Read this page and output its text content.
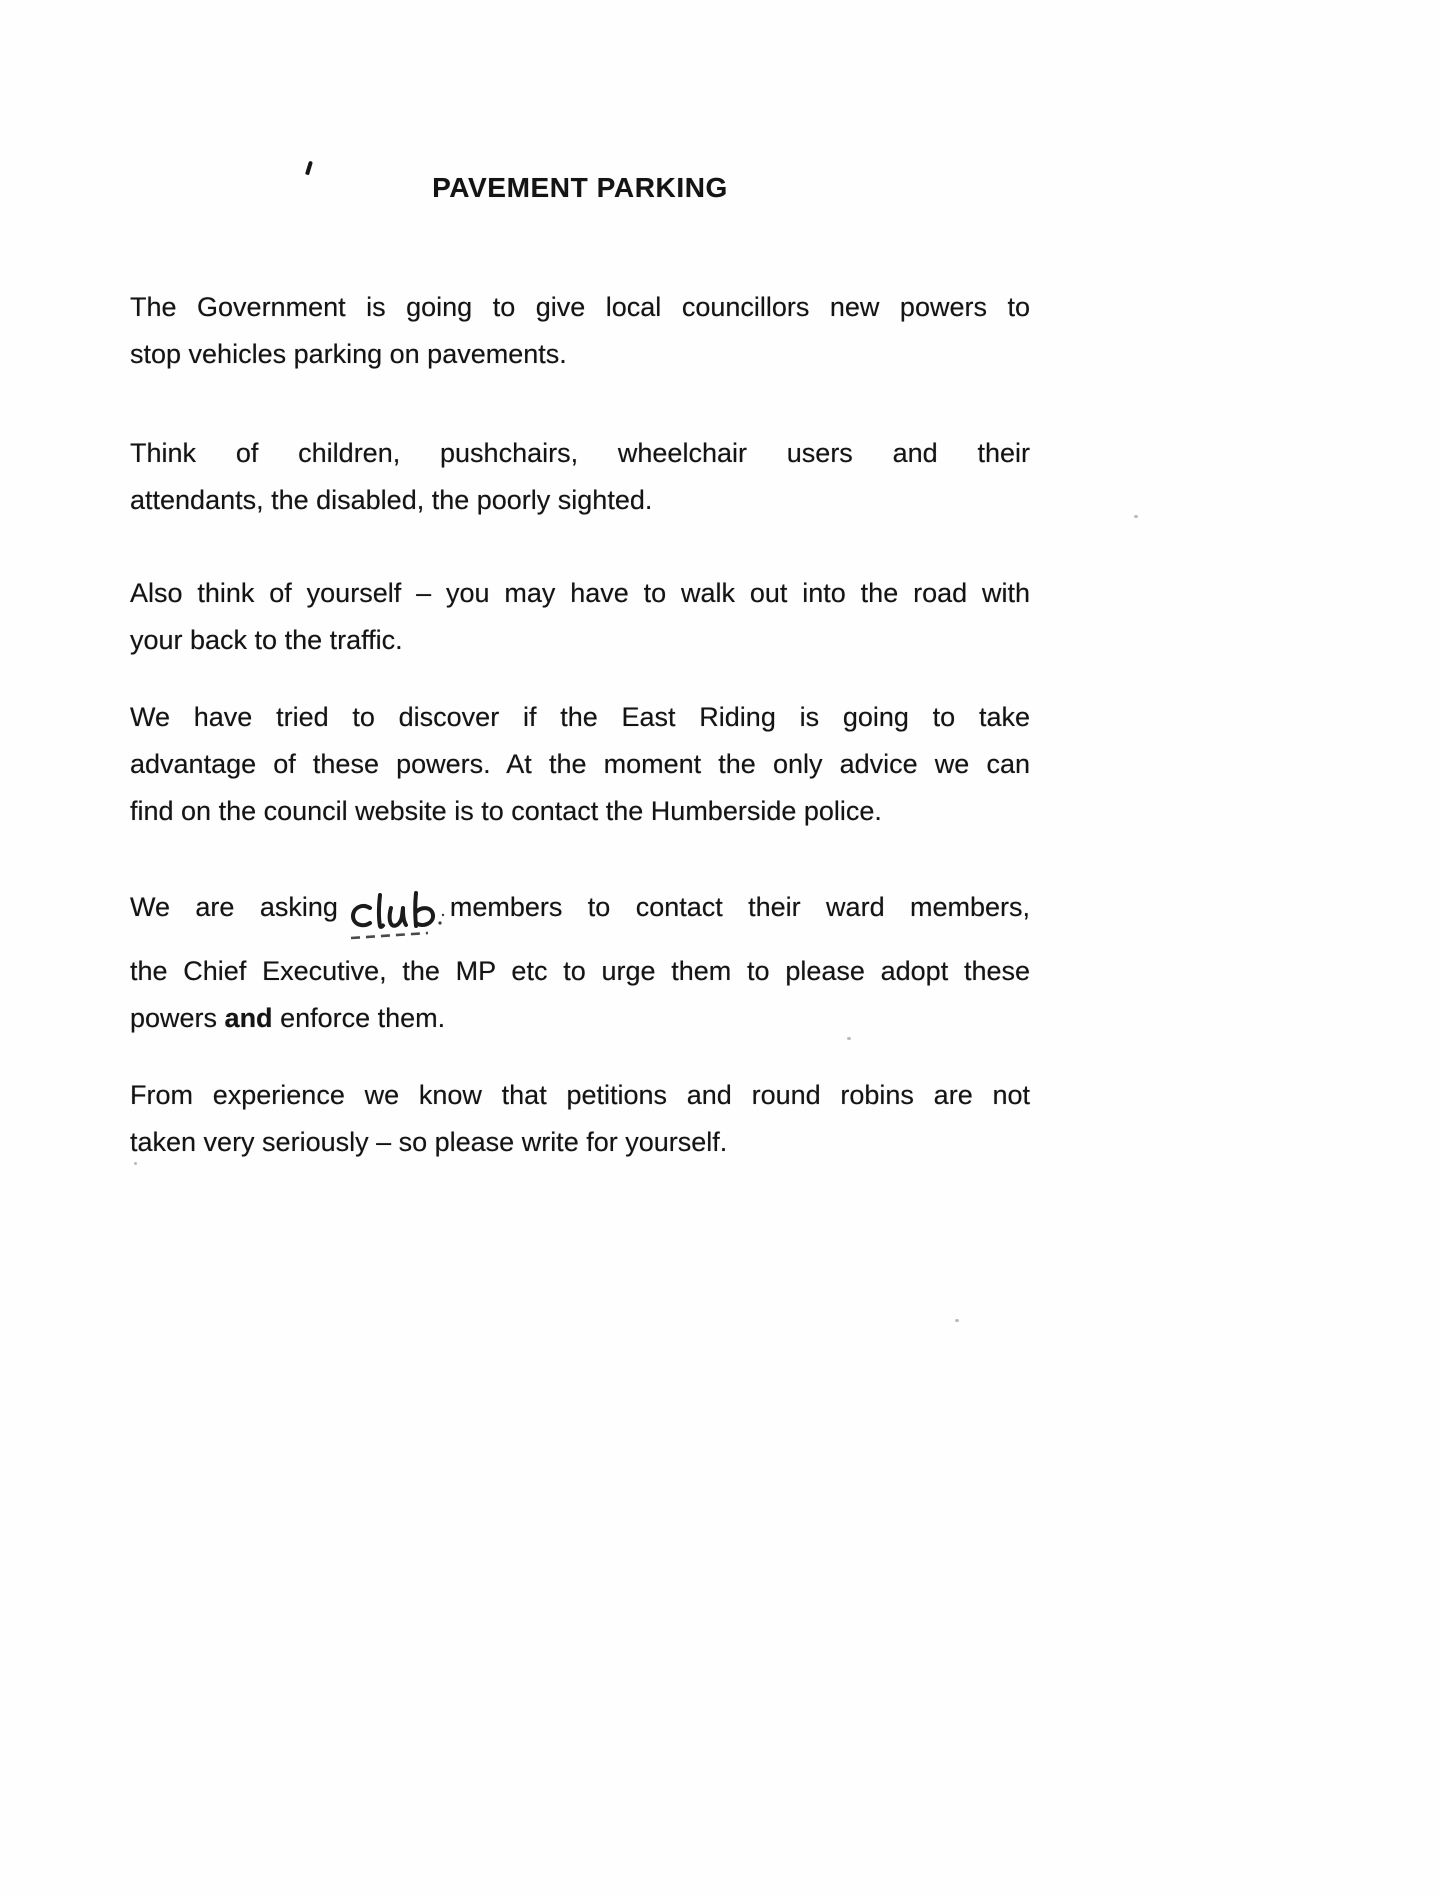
PAVEMENT PARKING
The Government is going to give local councillors new powers to
stop vehicles parking on pavements.
Think of children, pushchairs, wheelchair users and their
attendants, the disabled, the poorly sighted.
Also think of yourself – you may have to walk out into the road with
your back to the traffic.
We have tried to discover if the East Riding is going to take
advantage of these powers. At the moment the only advice we can
find on the council website is to contact the Humberside police.
We are asking	members to contact their ward members,
the Chief Executive, the MP etc to urge them to please adopt these
powers and enforce them.
From experience we know that petitions and round robins are not
taken very seriously – so please write for yourself.
